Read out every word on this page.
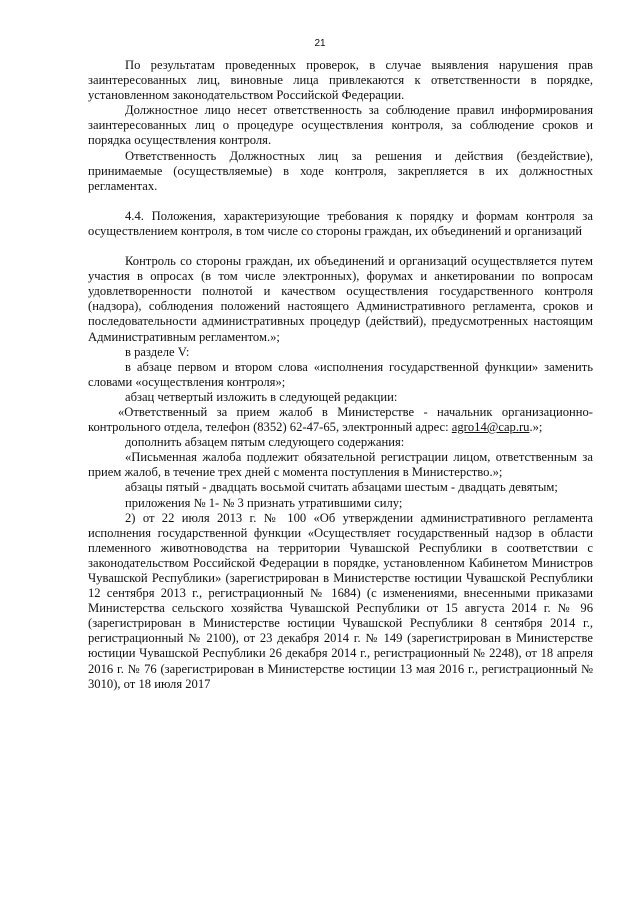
21

По результатам проведенных проверок, в случае выявления нарушения прав заинтересованных лиц, виновные лица привлекаются к ответственности в порядке, установленном законодательством Российской Федерации.

Должностное лицо несет ответственность за соблюдение правил информирования заинтересованных лиц о процедуре осуществления контроля, за соблюдение сроков и порядка осуществления контроля.

Ответственность Должностных лиц за решения и действия (бездействие), принимаемые (осуществляемые) в ходе контроля, закрепляется в их должностных регламентах.

4.4. Положения, характеризующие требования к порядку и формам контроля за осуществлением контроля, в том числе со стороны граждан, их объединений и организаций

Контроль со стороны граждан, их объединений и организаций осуществляется путем участия в опросах (в том числе электронных), форумах и анкетировании по вопросам удовлетворенности полнотой и качеством осуществления государственного контроля (надзора), соблюдения положений настоящего Административного регламента, сроков и последовательности административных процедур (действий), предусмотренных настоящим Административным регламентом.»;

в разделе V:

в абзаце первом и втором слова «исполнения государственной функции» заменить словами «осуществления контроля»;

абзац четвертый изложить в следующей редакции:

«Ответственный за прием жалоб в Министерстве - начальник организационно-контрольного отдела, телефон (8352) 62-47-65, электронный адрес: agro14@cap.ru.»;

дополнить абзацем пятым следующего содержания:

«Письменная жалоба подлежит обязательной регистрации лицом, ответственным за прием жалоб, в течение трех дней с момента поступления в Министерство.»;

абзацы пятый - двадцать восьмой считать абзацами шестым - двадцать девятым;

приложения № 1- № 3 признать утратившими силу;

2) от 22 июля 2013 г. № 100 «Об утверждении административного регламента исполнения государственной функции «Осуществляет государственный надзор в области племенного животноводства на территории Чувашской Республики в соответствии с законодательством Российской Федерации в порядке, установленном Кабинетом Министров Чувашской Республики» (зарегистрирован в Министерстве юстиции Чувашской Республики 12 сентября 2013 г., регистрационный № 1684) (с изменениями, внесенными приказами Министерства сельского хозяйства Чувашской Республики от 15 августа 2014 г. № 96 (зарегистрирован в Министерстве юстиции Чувашской Республики 8 сентября 2014 г., регистрационный № 2100), от 23 декабря 2014 г. № 149 (зарегистрирован в Министерстве юстиции Чувашской Республики 26 декабря 2014 г., регистрационный № 2248), от 18 апреля 2016 г. № 76 (зарегистрирован в Министерстве юстиции 13 мая 2016 г., регистрационный № 3010), от 18 июля 2017
